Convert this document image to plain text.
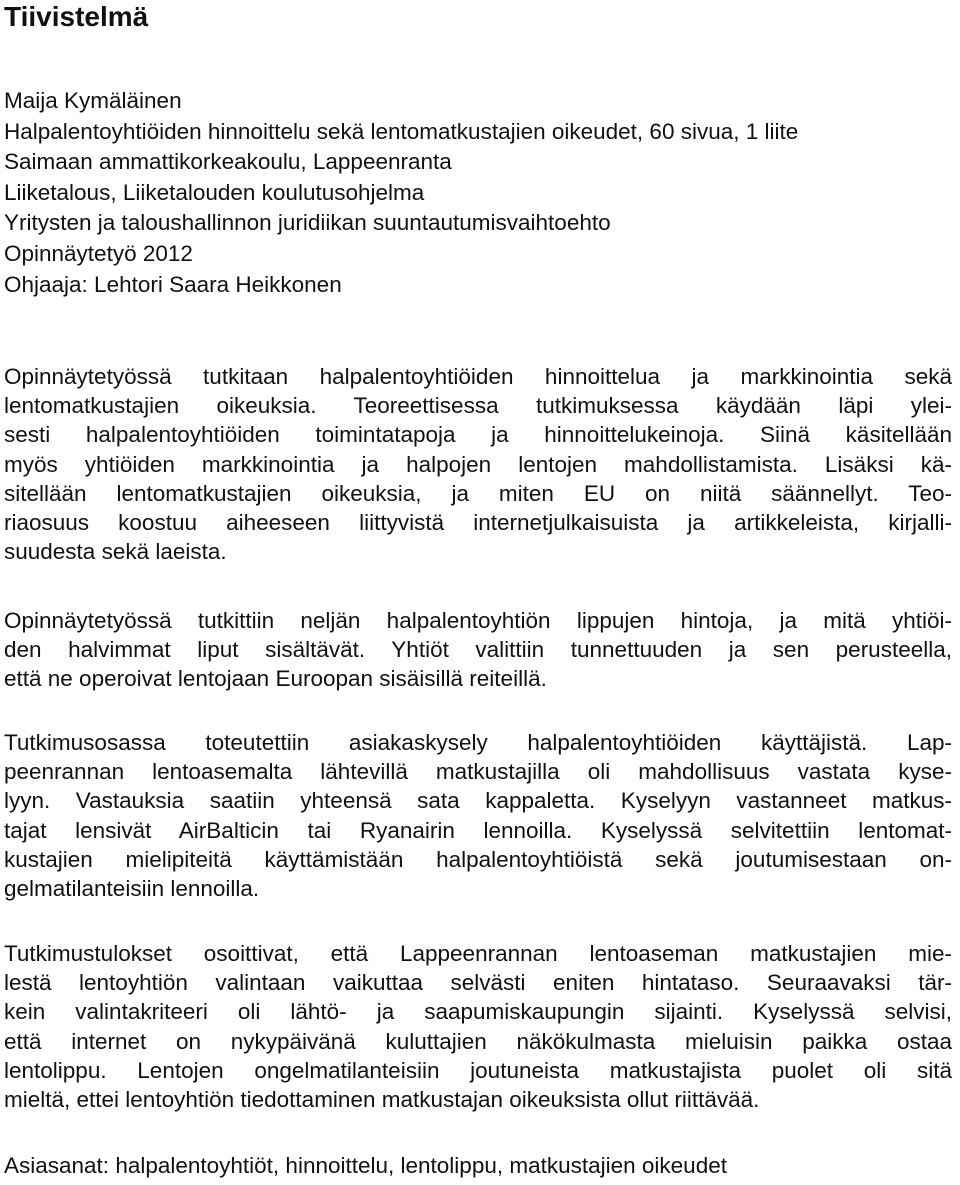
Tiivistelmä
Maija Kymäläinen
Halpalentoyhtiöiden hinnoittelu sekä lentomatkustajien oikeudet, 60 sivua, 1 liite
Saimaan ammattikorkeakoulu, Lappeenranta
Liiketalous, Liiketalouden koulutusohjelma
Yritysten ja taloushallinnon juridiikan suuntautumisvaihtoehto
Opinnäytetyö 2012
Ohjaaja: Lehtori Saara Heikkonen
Opinnäytetyössä tutkitaan halpalentoyhtiöiden hinnoittelua ja markkinointia sekä
lentomatkustajien oikeuksia. Teoreettisessa tutkimuksessa käydään läpi ylei-
sesti halpalentoyhtiöiden toimintatapoja ja hinnoittelukeinoja. Siinä käsitellään
myös yhtiöiden markkinointia ja halpojen lentojen mahdollistamista. Lisäksi kä-
sitellään lentomatkustajien oikeuksia, ja miten EU on niitä säännellyt. Teo-
riaosuus koostuu aiheeseen liittyvistä internetjulkaisuista ja artikkeleista, kirjalli-
suudesta sekä laeista.
Opinnäytetyössä tutkittiin neljän halpalentoyhtiön lippujen hintoja, ja mitä yhtiöi-
den halvimmat liput sisältävät. Yhtiöt valittiin tunnettuuden ja sen perusteella,
että ne operoivat lentojaan Euroopan sisäisillä reiteillä.
Tutkimusosassa toteutettiin asiakaskysely halpalentoyhtiöiden käyttäjistä. Lap-
peenrannan lentoasemalta lähtevillä matkustajilla oli mahdollisuus vastata kyse-
lyyn. Vastauksia saatiin yhteensä sata kappaletta. Kyselyyn vastanneet matkus-
tajat lensivät AirBalticin tai Ryanairin lennoilla. Kyselyssä selvitettiin lentomat-
kustajien mielipiteitä käyttämistään halpalentoyhtiöistä sekä joutumisestaan on-
gelmatilanteisiin lennoilla.
Tutkimustulokset osoittivat, että Lappeenrannan lentoaseman matkustajien mie-
lestä lentoyhtiön valintaan vaikuttaa selvästi eniten hintataso. Seuraavaksi tär-
kein valintakriteeri oli lähtö- ja saapumiskaupungin sijainti. Kyselyssä selvisi,
että internet on nykypäivänä kuluttajien näkökulmasta mieluisin paikka ostaa
lentolippu. Lentojen ongelmatilanteisiin joutuneista matkustajista puolet oli sitä
mieltä, ettei lentoyhtiön tiedottaminen matkustajan oikeuksista ollut riittävää.
Asiasanat: halpalentoyhtiöt, hinnoittelu, lentolippu, matkustajien oikeudet
